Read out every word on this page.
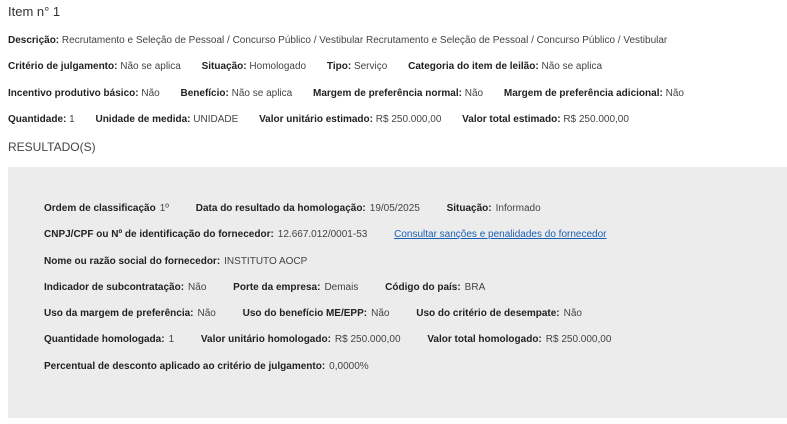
Item n° 1
Descrição: Recrutamento e Seleção de Pessoal / Concurso Público / Vestibular Recrutamento e Seleção de Pessoal / Concurso Público / Vestibular
Critério de julgamento: Não se aplica Situação: Homologado Tipo: Serviço Categoria do item de leilão: Não se aplica
Incentivo produtivo básico: Não Benefício: Não se aplica Margem de preferência normal: Não Margem de preferência adicional: Não
Quantidade: 1 Unidade de medida: UNIDADE Valor unitário estimado: R$ 250.000,00 Valor total estimado: R$ 250.000,00
RESULTADO(S)
Ordem de classificação 1º	Data do resultado da homologação: 19/05/2025	Situação: Informado
CNPJ/CPF ou Nº de identificação do fornecedor: 12.667.012/0001-53	Consultar sanções e penalidades do fornecedor
Nome ou razão social do fornecedor: INSTITUTO AOCP
Indicador de subcontratação: Não	Porte da empresa: Demais	Código do país: BRA
Uso da margem de preferência: Não	Uso do benefício ME/EPP: Não	Uso do critério de desempate: Não
Quantidade homologada: 1	Valor unitário homologado: R$ 250.000,00	Valor total homologado: R$ 250.000,00
Percentual de desconto aplicado ao critério de julgamento: 0,0000%
